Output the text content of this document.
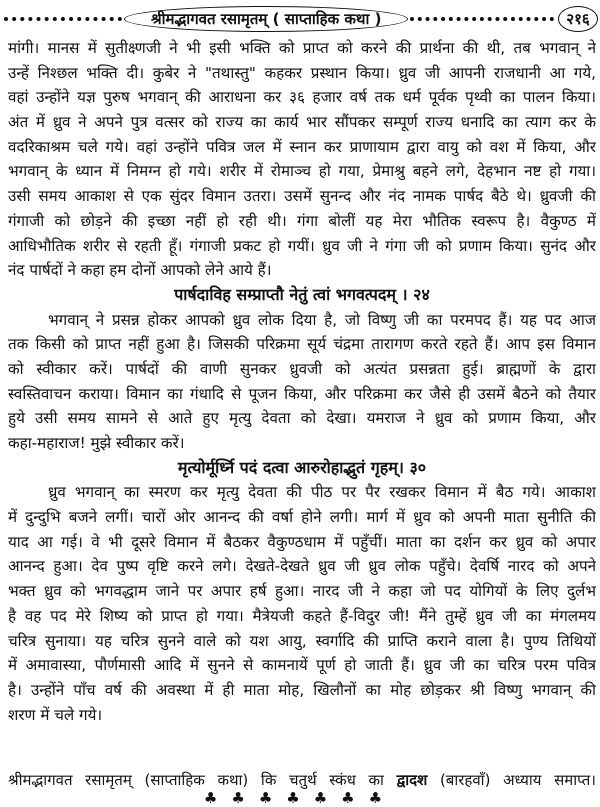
श्रीमद्भागवत रसामृतम् ( साप्ताहिक कथा )	२१६
मांगी। मानस में सुतीक्ष्णजी ने भी इसी भक्ति को प्राप्त को करने की प्रार्थना की थी, तब भगवान् ने
उन्हें निश्छल भक्ति दी। कुबेर ने "तथास्तु" कहकर प्रस्थान किया। ध्रुव जी आपनी राजधानी आ गये,
वहां उन्होंने यज्ञ पुरुष भगवान् की आराधना कर ३६ हजार वर्ष तक धर्म पूर्वक पृथ्वी का पालन किया।
अंत में ध्रुव ने अपने पुत्र वत्सर को राज्य का कार्य भार सौंपकर सम्पूर्ण राज्य धनादि का त्याग कर के
वदरिकाश्रम चले गये। वहां उन्होंने पवित्र जल में स्नान कर प्राणायाम द्वारा वायु को वश में किया, और
भगवान् के ध्यान में निमग्न हो गये। शरीर में रोमाञ्च हो गया, प्रेमाश्रु बहने लगे, देहभान नष्ट हो गया।
उसी समय आकाश से एक सुंदर विमान उतरा। उसमें सुनन्द और नंद नामक पार्षद बैठे थे। ध्रुवजी की
गंगाजी को छोड़ने की इच्छा नहीं हो रही थी। गंगा बोलीं यह मेरा भौतिक स्वरूप है। वैकुण्ठ में
आधिभौतिक शरीर से रहती हूँ। गंगाजी प्रकट हो गयीं। ध्रुव जी ने गंगा जी को प्रणाम किया। सुनंद और
नंद पार्षदों ने कहा हम दोनों आपको लेने आये हैं।
पार्षदाविह सम्प्राप्तौ नेतुं त्वां भगवत्पदम् । २४
भगवान् ने प्रसन्न होकर आपको ध्रुव लोक दिया है, जो विष्णु जी का परमपद हैं। यह पद आज
तक किसी को प्राप्त नहीं हुआ है। जिसकी परिक्रमा सूर्य चंद्रमा तारागण करते रहते हैं। आप इस विमान
को स्वीकार करें। पार्षदों की वाणी सुनकर ध्रुवजी को अत्यंत प्रसन्नता हुई। ब्राह्मणों के द्वारा
स्वस्तिवाचन कराया। विमान का गंधादि से पूजन किया, और परिक्रमा कर जैसे ही उसमें बैठने को तैयार
हुये उसी समय सामने से आते हुए मृत्यु देवता को देखा। यमराज ने ध्रुव को प्रणाम किया, और
कहा-महाराज! मुझे स्वीकार करें।
मृत्योर्मूर्ध्नि पदं दत्वा आरुरोहाद्भुतं गृहम्। ३०
ध्रुव भगवान् का स्मरण कर मृत्यु देवता की पीठ पर पैर रखकर विमान में बैठ गये। आकाश
में दुन्दुभि बजने लगीं। चारों ओर आनन्द की वर्षा होने लगी। मार्ग में ध्रुव को अपनी माता सुनीति की
याद आ गई। वे भी दूसरे विमान में बैठकर वैकुण्ठधाम में पहुँचीं। माता का दर्शन कर ध्रुव को अपार
आनन्द हुआ। देव पुष्प वृष्टि करने लगे। देखते-देखते ध्रुव जी ध्रुव लोक पहुँचे। देवर्षि नारद को अपने
भक्त ध्रुव को भगवद्धाम जाने पर अपार हर्ष हुआ। नारद जी ने कहा जो पद योगियों के लिए दुर्लभ
है वह पद मेरे शिष्य को प्राप्त हो गया। मैत्रेयजी कहते हैं-विदुर जी! मैंने तुम्हें ध्रुव जी का मंगलमय
चरित्र सुनाया। यह चरित्र सुनने वाले को यश आयु, स्वर्गादि की प्राप्ति कराने वाला है। पुण्य तिथियों
में अमावास्या, पौर्णमासी आदि में सुनने से कामनायें पूर्ण हो जाती हैं। ध्रुव जी का चरित्र परम पवित्र
है। उन्होंने पाँच वर्ष की अवस्था में ही माता मोह, खिलौनों का मोह छोड़कर श्री विष्णु भगवान् की
शरण में चले गये।
श्रीमद्भागवत रसामृतम् (साप्ताहिक कथा) कि चतुर्थ स्कंध का द्वादश (बारहवाँ) अध्याय समाप्त।
♣♣♣♣♣♣♣
